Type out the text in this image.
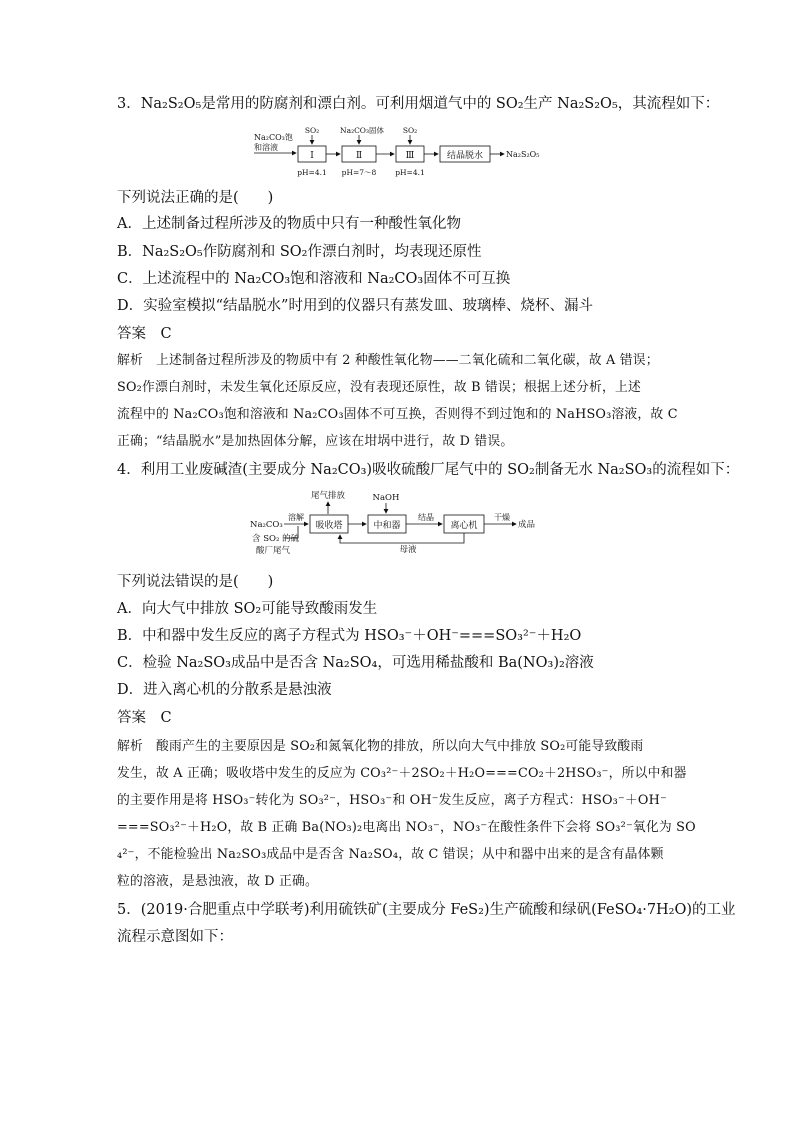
3．Na₂S₂O₅是常用的防腐剂和漂白剂。可利用烟道气中的 SO₂生产 Na₂S₂O₅，其流程如下：
Na₂CO₃饱
和溶液
Ⅰ
SO₂
Ⅱ
Na₂CO₃固体
Ⅲ
SO₂
结晶脱水	Na₂S₂O₅
pH=4.1 pH=7～8	pH=4.1
下列说法正确的是(　　)
A．上述制备过程所涉及的物质中只有一种酸性氧化物
B．Na₂S₂O₅作防腐剂和 SO₂作漂白剂时，均表现还原性
C．上述流程中的 Na₂CO₃饱和溶液和 Na₂CO₃固体不可互换
D．实验室模拟“结晶脱水”时用到的仪器只有蒸发皿、玻璃棒、烧杯、漏斗
答案　C
解析　上述制备过程所涉及的物质中有 2 种酸性氧化物——二氧化硫和二氧化碳，故 A 错误；
SO₂作漂白剂时，未发生氧化还原反应，没有表现还原性，故 B 错误；根据上述分析，上述
流程中的 Na₂CO₃饱和溶液和 Na₂CO₃固体不可互换，否则得不到过饱和的 NaHSO₃溶液，故 C
正确；“结晶脱水”是加热固体分解，应该在坩埚中进行，故 D 错误。
4．利用工业废碱渣(主要成分 Na₂CO₃)吸收硫酸厂尾气中的 SO₂制备无水 Na₂SO₃的流程如下：
尾气排放	NaOH
Na₂CO₃
溶解
含 SO₂ 的硫
酸厂尾气
吸收塔	中和器
结晶
离心机
干燥
成品
母液
下列说法错误的是(　　)
A．向大气中排放 SO₂可能导致酸雨发生
B．中和器中发生反应的离子方程式为 HSO₃⁻＋OH⁻===SO₃²⁻＋H₂O
C．检验 Na₂SO₃成品中是否含 Na₂SO₄，可选用稀盐酸和 Ba(NO₃)₂溶液
D．进入离心机的分散系是悬浊液
答案　C
解析　酸雨产生的主要原因是 SO₂和氮氧化物的排放，所以向大气中排放 SO₂可能导致酸雨
发生，故 A 正确；吸收塔中发生的反应为 CO₃²⁻＋2SO₂＋H₂O===CO₂＋2HSO₃⁻，所以中和器
的主要作用是将 HSO₃⁻转化为 SO₃²⁻，HSO₃⁻和 OH⁻发生反应，离子方程式：HSO₃⁻＋OH⁻
===SO₃²⁻＋H₂O，故 B 正确 Ba(NO₃)₂电离出 NO₃⁻，NO₃⁻在酸性条件下会将 SO₃²⁻氧化为 SO
₄²⁻，不能检验出 Na₂SO₃成品中是否含 Na₂SO₄，故 C 错误；从中和器中出来的是含有晶体颗
粒的溶液，是悬浊液，故 D 正确。
5．(2019·合肥重点中学联考)利用硫铁矿(主要成分 FeS₂)生产硫酸和绿矾(FeSO₄·7H₂O)的工业
流程示意图如下：
